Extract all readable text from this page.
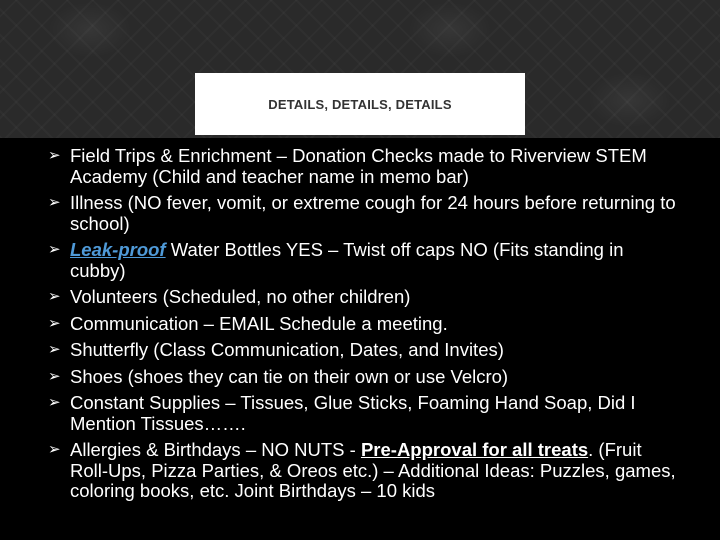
DETAILS, DETAILS, DETAILS
➢ Field Trips & Enrichment – Donation Checks made to Riverview STEM Academy (Child and teacher name in memo bar)
➢ Illness (NO fever, vomit, or extreme cough for 24 hours before returning to school)
➢ Leak-proof Water Bottles YES – Twist off caps NO (Fits standing in cubby)
➢ Volunteers (Scheduled, no other children)
➢ Communication – EMAIL Schedule a meeting.
➢ Shutterfly (Class Communication, Dates, and Invites)
➢ Shoes (shoes they can tie on their own or use Velcro)
➢ Constant Supplies – Tissues, Glue Sticks, Foaming Hand Soap, Did I Mention Tissues…….
➢ Allergies & Birthdays – NO NUTS - Pre-Approval for all treats. (Fruit Roll-Ups, Pizza Parties, & Oreos etc.) – Additional Ideas: Puzzles, games, coloring books, etc. Joint Birthdays – 10 kids
